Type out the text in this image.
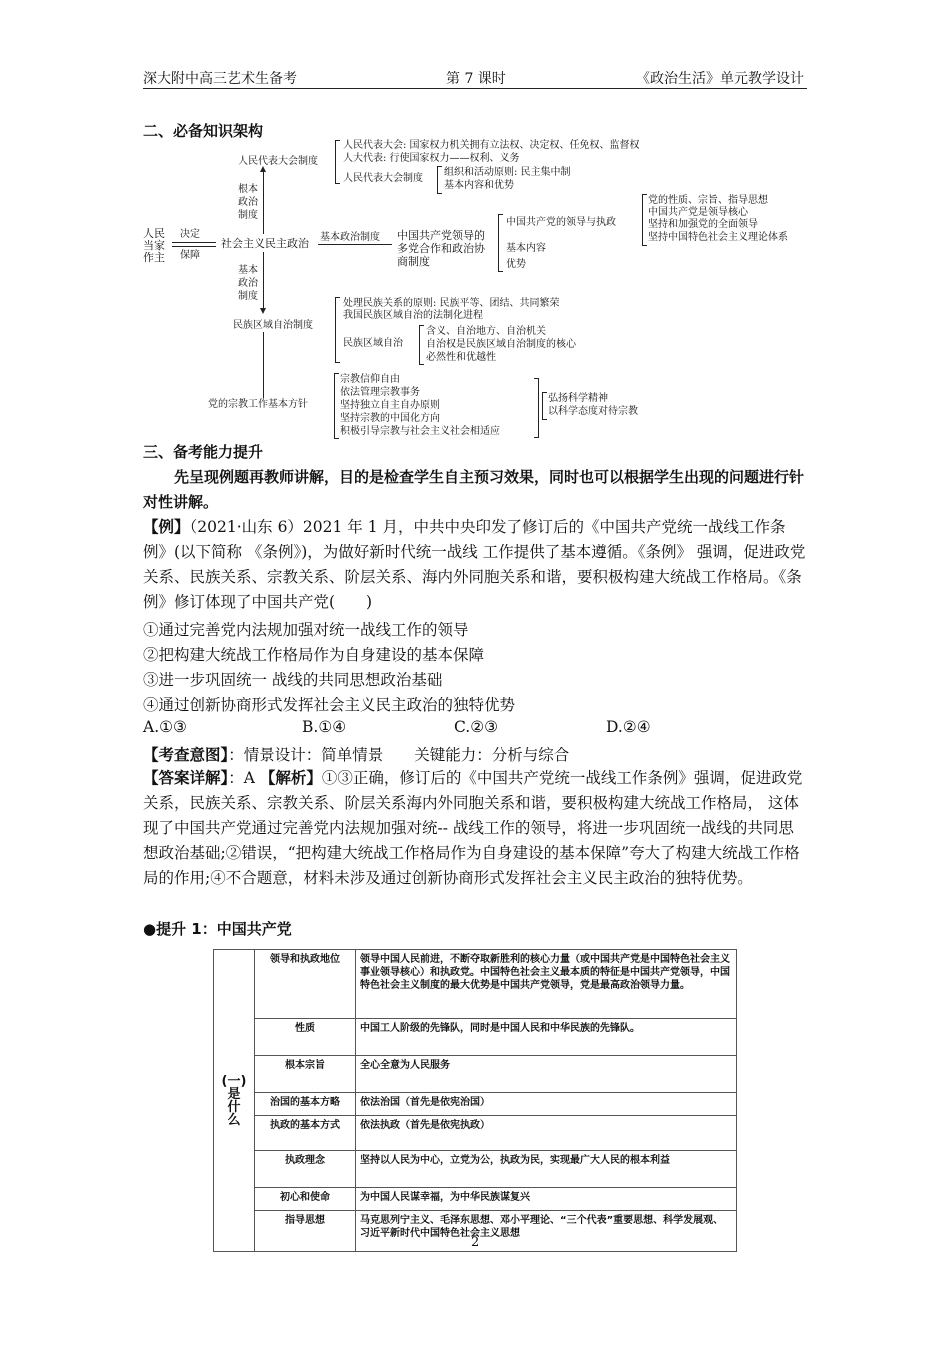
深大附中高三艺术生备考	第 7 课时	《政治生活》单元教学设计
二、必备知识架构
人民
当家
作主
决定
保障
社会主义民主政治
根本
政治
制度
基本
政治
制度
人民代表大会制度
人民代表大会: 国家权力机关拥有立法权、决定权、任免权、监督权
人大代表: 行使国家权力——权利、义务
人民代表大会制度
组织和活动原则: 民主集中制
基本内容和优势
基本政治制度 中国共产党领导的
多党合作和政治协
商制度
中国共产党的领导与执政
党的性质、宗旨、指导思想
中国共产党是领导核心
坚持和加强党的全面领导
坚持中国特色社会主义理论体系
基本内容
优势
民族区域自治制度
处理民族关系的原则: 民族平等、团结、共同繁荣
我国民族区域自治的法制化进程
民族区域自治
含义、自治地方、自治机关
自治权是民族区域自治制度的核心
必然性和优越性
党的宗教工作基本方针
宗教信仰自由
依法管理宗教事务
坚持独立自主自办原则
坚持宗教的中国化方向
积极引导宗教与社会主义社会相适应
弘扬科学精神
以科学态度对待宗教
三、备考能力提升
先呈现例题再教师讲解，目的是检查学生自主预习效果，同时也可以根据学生出现的问题进行针对性讲解。
【例】（2021·山东 6）2021 年 1 月，中共中央印发了修订后的《中国共产党统一战线工作条例》(以下简称 《条例》)，为做好新时代统一战线 工作提供了基本遵循。《条例》 强调，促进政党关系、民族关系、宗教关系、阶层关系、海内外同胞关系和谐，要积极构建大统战工作格局。《条例》修订体现了中国共产党(　　)
①通过完善党内法规加强对统一战线工作的领导
②把构建大统战工作格局作为自身建设的基本保障
③进一步巩固统一 战线的共同思想政治基础
④通过创新协商形式发挥社会主义民主政治的独特优势
A.①③	B.①④	C.②③	D.②④
【考查意图】：情景设计：简单情景　　关键能力：分析与综合
【答案详解】：A 【解析】①③正确，修订后的《中国共产党统一战线工作条例》强调，促进政党关系，民族关系、宗教关系、阶层关系海内外同胞关系和谐，要积极构建大统战工作格局， 这体现了中国共产党通过完善党内法规加强对统-- 战线工作的领导，将进一步巩固统一战线的共同思想政治基础;②错误，“把构建大统战工作格局作为自身建设的基本保障”夸大了构建大统战工作格局的作用;④不合题意，材料未涉及通过创新协商形式发挥社会主义民主政治的独特优势。
●提升 1：中国共产党
(一)
是
什
么	领导和执政地位	领导中国人民前进，不断夺取新胜利的核心力量（或中国共产党是中国特色社会主义事业领导核心）和执政党。中国特色社会主义最本质的特征是中国共产党领导，中国特色社会主义制度的最大优势是中国共产党领导，党是最高政治领导力量。
	性质	中国工人阶级的先锋队，同时是中国人民和中华民族的先锋队。
	根本宗旨	全心全意为人民服务
	治国的基本方略	依法治国（首先是依宪治国）
	执政的基本方式	依法执政（首先是依宪执政）
	执政理念	坚持以人民为中心，立党为公，执政为民，实现最广大人民的根本利益
	初心和使命	为中国人民谋幸福，为中华民族谋复兴
	指导思想	马克思列宁主义、毛泽东思想、邓小平理论、“三个代表”重要思想、科学发展观、习近平新时代中国特色社会主义思想
2
